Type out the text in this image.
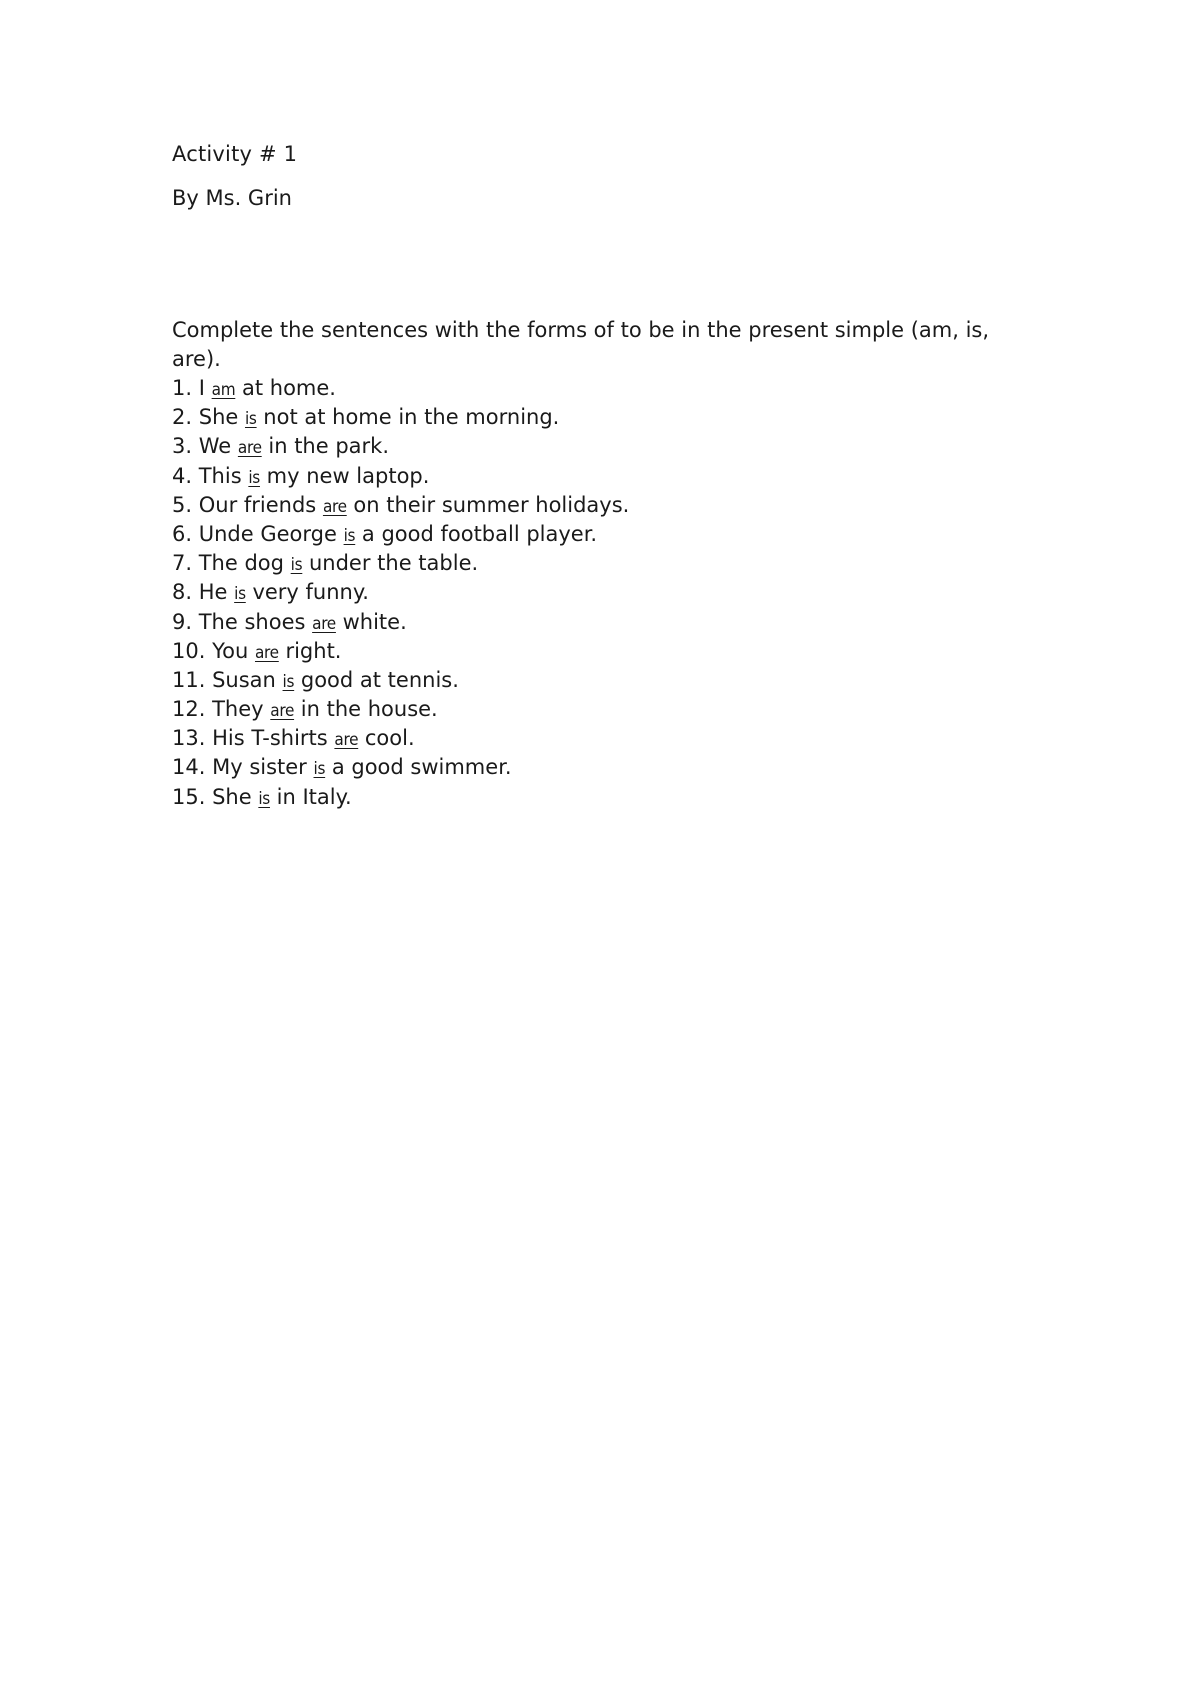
Activity # 1

By Ms. Grin

Complete the sentences with the forms of to be in the present simple (am, is, are).

1. I am at home.
2. She is not at home in the morning.
3. We are in the park.
4. This is my new laptop.
5. Our friends are on their summer holidays.
6. Unde George is a good football player.
7. The dog is under the table.
8. He is very funny.
9. The shoes are white.
10. You are right.
11. Susan is good at tennis.
12. They are in the house.
13. His T-shirts are cool.
14. My sister is a good swimmer.
15. She is in Italy.
